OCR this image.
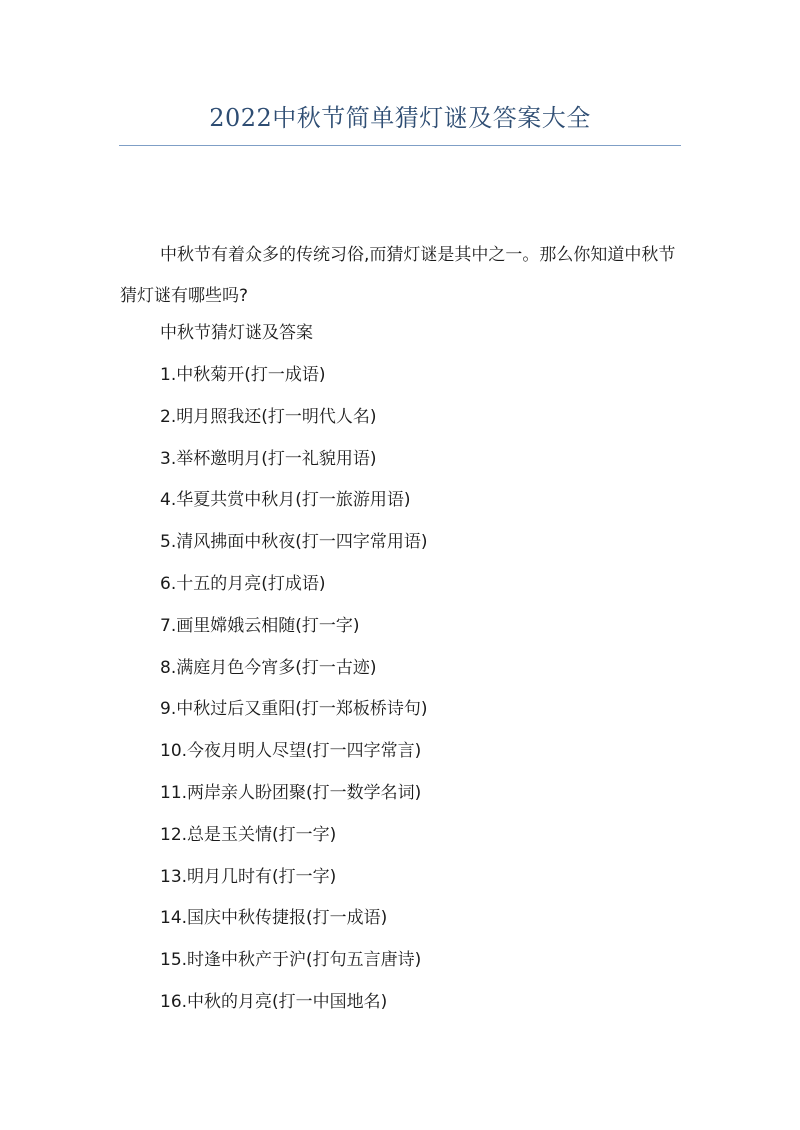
2022中秋节简单猜灯谜及答案大全
中秋节有着众多的传统习俗,而猜灯谜是其中之一。那么你知道中秋节猜灯谜有哪些吗?
中秋节猜灯谜及答案
1.中秋菊开(打一成语)
2.明月照我还(打一明代人名)
3.举杯邀明月(打一礼貌用语)
4.华夏共赏中秋月(打一旅游用语)
5.清风拂面中秋夜(打一四字常用语)
6.十五的月亮(打成语)
7.画里嫦娥云相随(打一字)
8.满庭月色今宵多(打一古迹)
9.中秋过后又重阳(打一郑板桥诗句)
10.今夜月明人尽望(打一四字常言)
11.两岸亲人盼团聚(打一数学名词)
12.总是玉关情(打一字)
13.明月几时有(打一字)
14.国庆中秋传捷报(打一成语)
15.时逢中秋产于沪(打句五言唐诗)
16.中秋的月亮(打一中国地名)
